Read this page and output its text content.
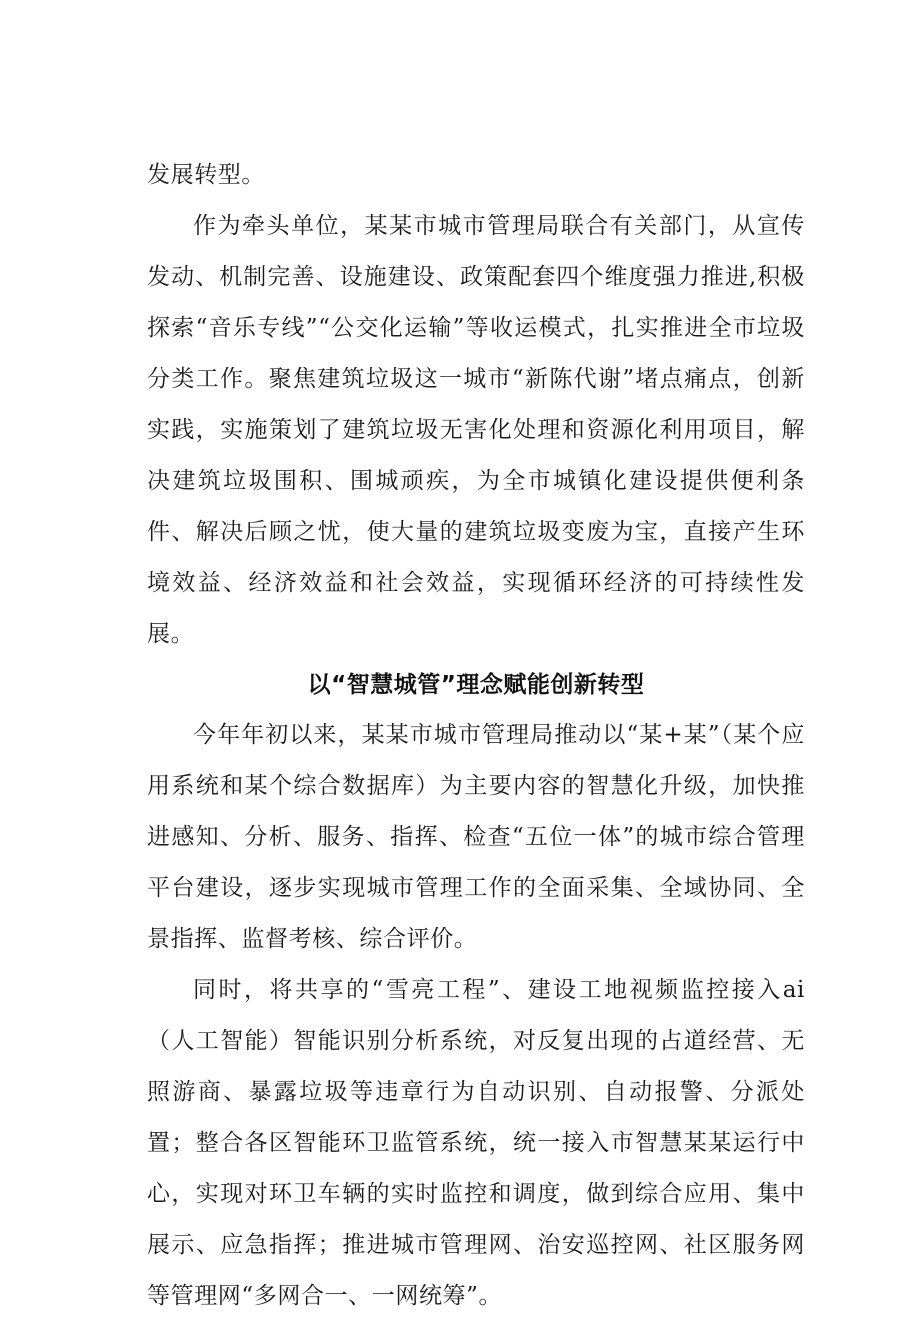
发展转型。

作为牵头单位，某某市城市管理局联合有关部门，从宣传发动、机制完善、设施建设、政策配套四个维度强力推进,积极探索“音乐专线”“公交化运输”等收运模式，扎实推进全市垃圾分类工作。聚焦建筑垃圾这一城市“新陈代谢”堵点痛点，创新实践，实施策划了建筑垃圾无害化处理和资源化利用项目，解决建筑垃圾围积、围城顽疾，为全市城镇化建设提供便利条件、解决后顾之忧，使大量的建筑垃圾变废为宝，直接产生环境效益、经济效益和社会效益，实现循环经济的可持续性发展。

以“智慧城管”理念赋能创新转型

今年年初以来，某某市城市管理局推动以“某+某”（某个应用系统和某个综合数据库）为主要内容的智慧化升级，加快推进感知、分析、服务、指挥、检查“五位一体”的城市综合管理平台建设，逐步实现城市管理工作的全面采集、全域协同、全景指挥、监督考核、综合评价。

同时，将共享的“雪亮工程”、建设工地视频监控接入ai（人工智能）智能识别分析系统，对反复出现的占道经营、无照游商、暴露垃圾等违章行为自动识别、自动报警、分派处置；整合各区智能环卫监管系统，统一接入市智慧某某运行中心，实现对环卫车辆的实时监控和调度，做到综合应用、集中展示、应急指挥；推进城市管理网、治安巡控网、社区服务网等管理网“多网合一、一网统筹”。
